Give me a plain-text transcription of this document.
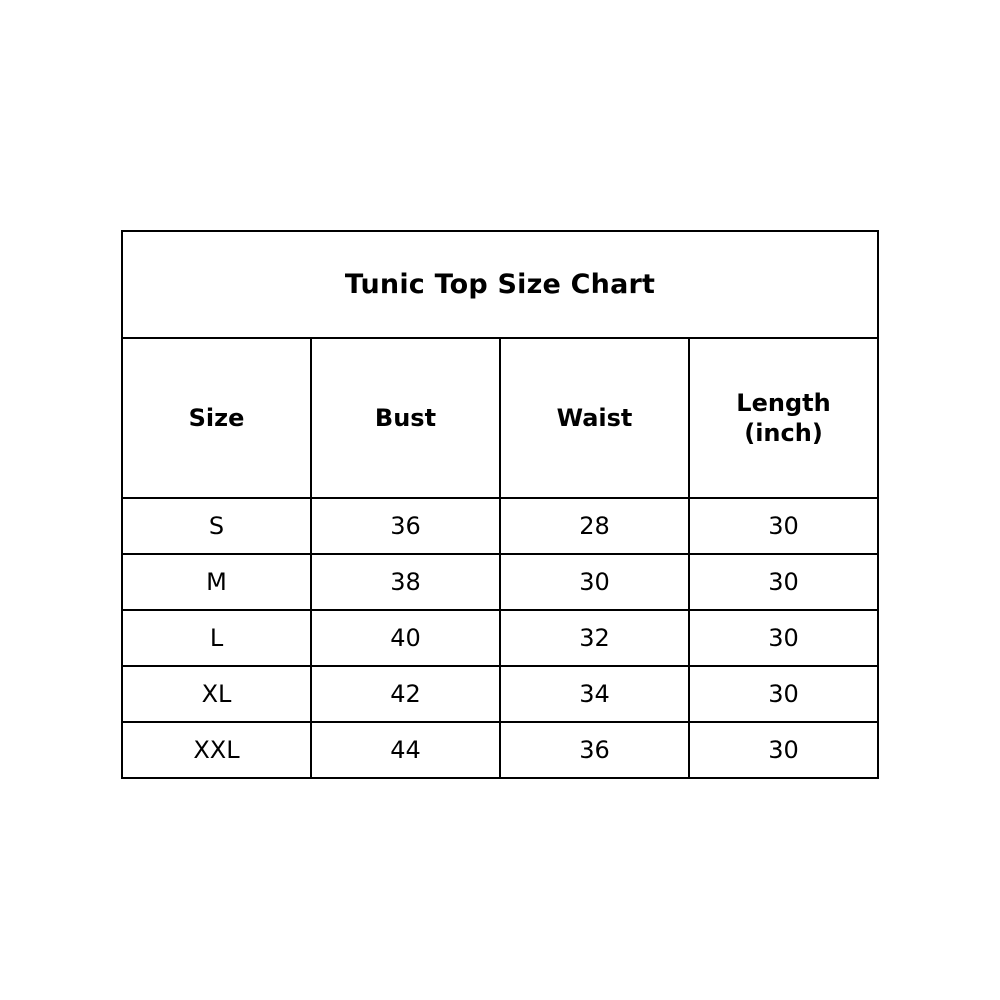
Tunic Top Size Chart			
Size	Bust	Waist	Length
(inch)
S	36	28	30
M	38	30	30
L	40	32	30
XL	42	34	30
XXL	44	36	30
